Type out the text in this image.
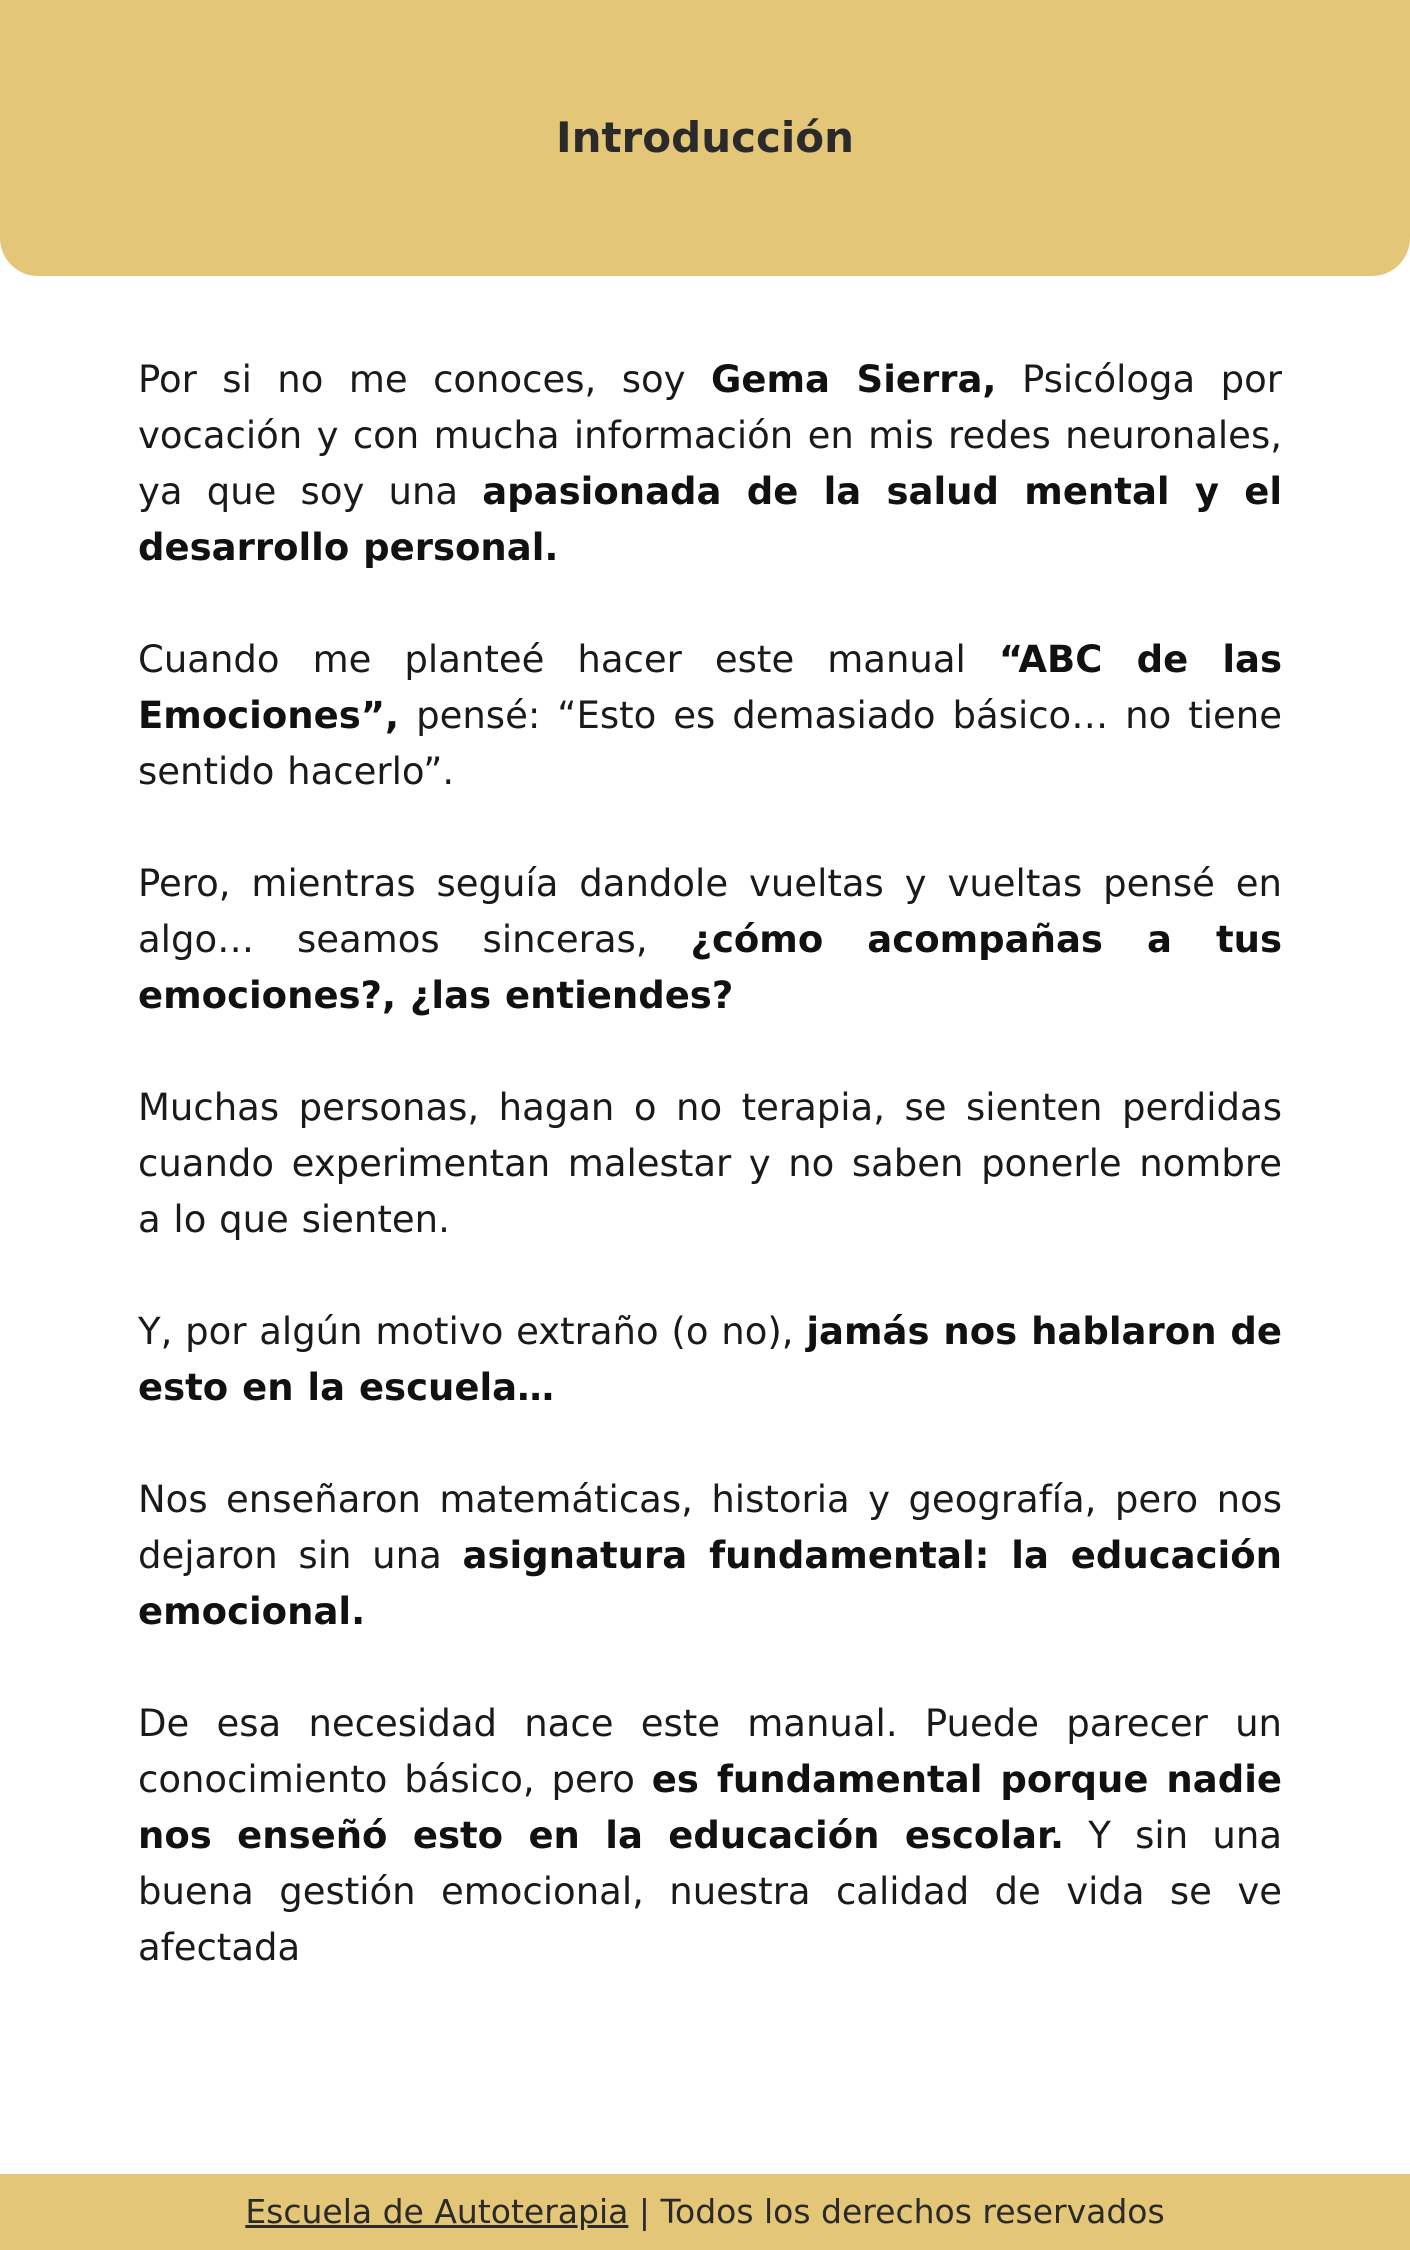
Introducción

Por si no me conoces, soy Gema Sierra, Psicóloga por vocación y con mucha información en mis redes neuronales, ya que soy una apasionada de la salud mental y el desarrollo personal.

Cuando me planteé hacer este manual “ABC de las Emociones”, pensé: “Esto es demasiado básico… no tiene sentido hacerlo”.

Pero, mientras seguía dandole vueltas y vueltas pensé en algo… seamos sinceras, ¿cómo acompañas a tus emociones?, ¿las entiendes?

Muchas personas, hagan o no terapia, se sienten perdidas cuando experimentan malestar y no saben ponerle nombre a lo que sienten.

Y, por algún motivo extraño (o no), jamás nos hablaron de esto en la escuela…

Nos enseñaron matemáticas, historia y geografía, pero nos dejaron sin una asignatura fundamental: la educación emocional.

De esa necesidad nace este manual. Puede parecer un conocimiento básico, pero es fundamental porque nadie nos enseñó esto en la educación escolar. Y sin una buena gestión emocional, nuestra calidad de vida se ve afectada

Escuela de Autoterapia | Todos los derechos reservados
